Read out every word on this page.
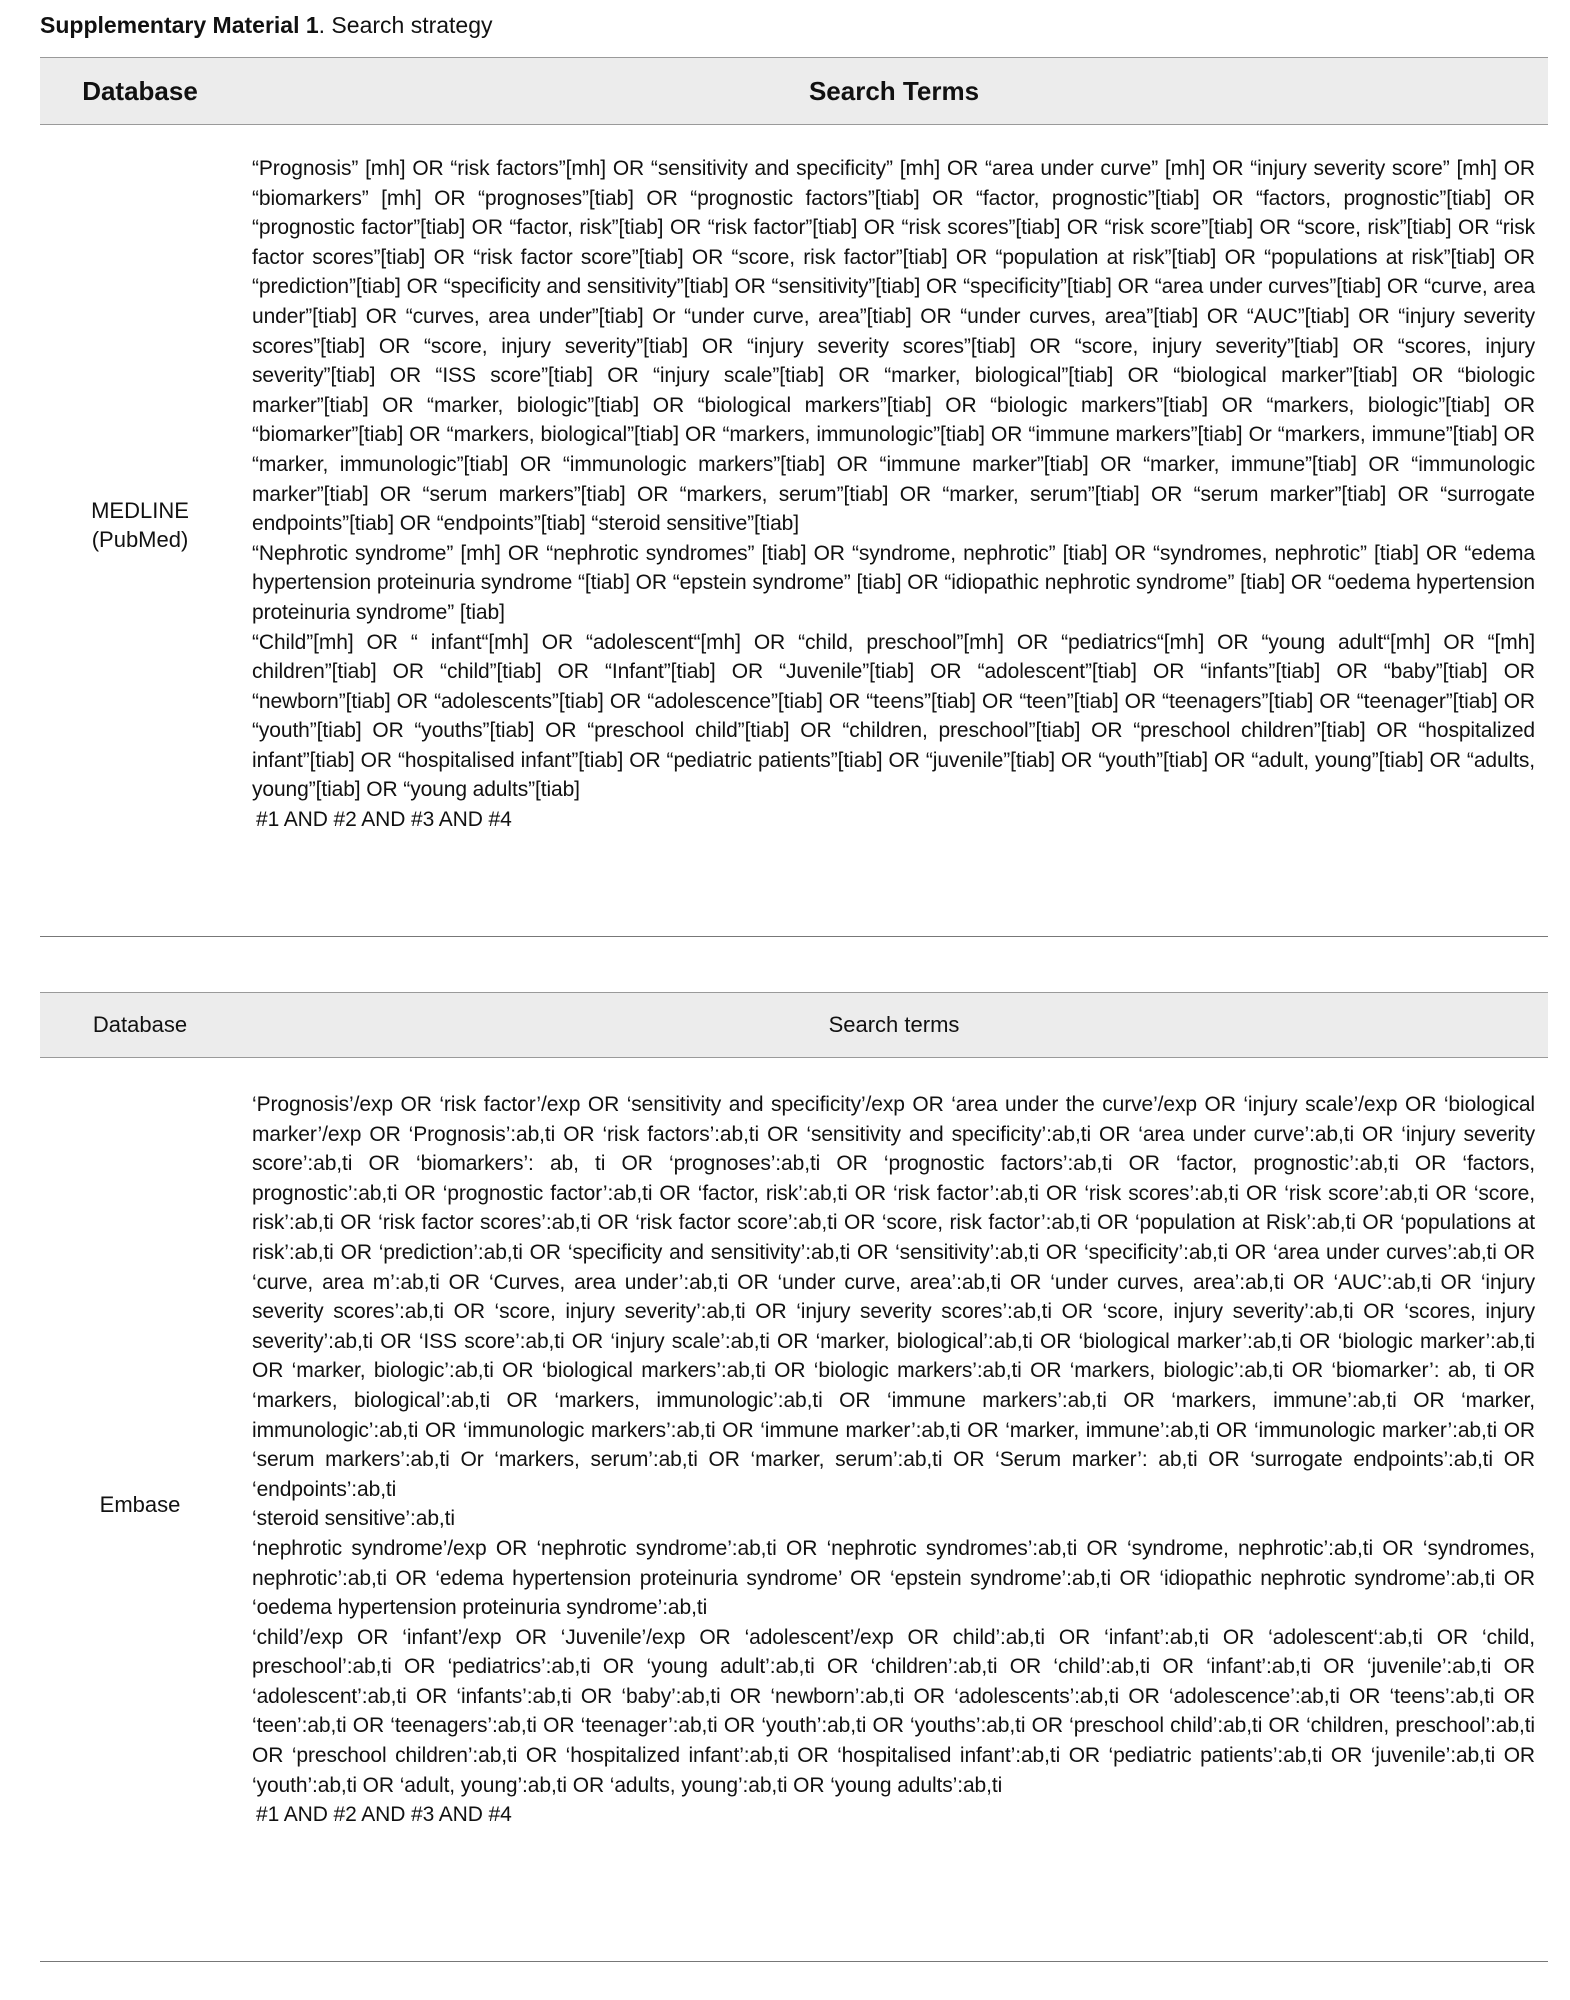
Supplementary Material 1. Search strategy
Database	Search Terms
MEDLINE
(PubMed)

“Prognosis” [mh] OR “risk factors”[mh] OR “sensitivity and specificity” [mh] OR “area under curve” [mh] OR “injury severity score” [mh] OR “biomarkers” [mh] OR “prognoses”[tiab] OR “prognostic factors”[tiab] OR “factor, prognostic”[tiab] OR “factors, prognostic”[tiab] OR “prognostic factor”[tiab] OR “factor, risk”[tiab] OR “risk factor”[tiab] OR “risk scores”[tiab] OR “risk score”[tiab] OR “score, risk”[tiab] OR “risk factor scores”[tiab] OR “risk factor score”[tiab] OR “score, risk factor”[tiab] OR “population at risk”[tiab] OR “populations at risk”[tiab] OR “prediction”[tiab] OR “specificity and sensitivity”[tiab] OR “sensitivity”[tiab] OR “specificity”[tiab] OR “area under curves”[tiab] OR “curve, area under”[tiab] OR “curves, area under”[tiab] Or “under curve, area”[tiab] OR “under curves, area”[tiab] OR “AUC”[tiab] OR “injury severity scores”[tiab] OR “score, injury severity”[tiab] OR “injury severity scores”[tiab] OR “score, injury severity”[tiab] OR “scores, injury severity”[tiab] OR “ISS score”[tiab] OR “injury scale”[tiab] OR “marker, biological”[tiab] OR “biological marker”[tiab] OR “biologic marker”[tiab] OR “marker, biologic”[tiab] OR “biological markers”[tiab] OR “biologic markers”[tiab] OR “markers, biologic”[tiab] OR “biomarker”[tiab] OR “markers, biological”[tiab] OR “markers, immunologic”[tiab] OR “immune markers”[tiab] Or “markers, immune”[tiab] OR “marker, immunologic”[tiab] OR “immunologic markers”[tiab] OR “immune marker”[tiab] OR “marker, immune”[tiab] OR “immunologic marker”[tiab] OR “serum markers”[tiab] OR “markers, serum”[tiab] OR “marker, serum”[tiab] OR “serum marker”[tiab] OR “surrogate endpoints”[tiab] OR “endpoints”[tiab] “steroid sensitive”[tiab]

“Nephrotic syndrome” [mh] OR “nephrotic syndromes” [tiab] OR “syndrome, nephrotic” [tiab] OR “syndromes, nephrotic” [tiab] OR “edema hypertension proteinuria syndrome “[tiab] OR “epstein syndrome” [tiab] OR “idiopathic nephrotic syndrome” [tiab] OR “oedema hypertension proteinuria syndrome” [tiab]

“Child”[mh] OR “ infant“[mh] OR “adolescent“[mh] OR “child, preschool”[mh] OR “pediatrics“[mh] OR “young adult“[mh] OR “[mh] children”[tiab] OR “child”[tiab] OR “Infant”[tiab] OR “Juvenile”[tiab] OR “adolescent”[tiab] OR “infants”[tiab] OR “baby”[tiab] OR “newborn”[tiab] OR “adolescents”[tiab] OR “adolescence”[tiab] OR “teens”[tiab] OR “teen”[tiab] OR “teenagers”[tiab] OR “teenager”[tiab] OR “youth”[tiab] OR “youths”[tiab] OR “preschool child”[tiab] OR “children, preschool”[tiab] OR “preschool children”[tiab] OR “hospitalized infant”[tiab] OR “hospitalised infant”[tiab] OR “pediatric patients”[tiab] OR “juvenile”[tiab] OR “youth”[tiab] OR “adult, young”[tiab] OR “adults, young”[tiab] OR “young adults”[tiab]

#1 AND #2 AND #3 AND #4

Database	Search terms
Embase

‘Prognosis’/exp OR ‘risk factor’/exp OR ‘sensitivity and specificity’/exp OR ‘area under the curve’/exp OR ‘injury scale’/exp OR ‘biological marker’/exp OR ‘Prognosis’:ab,ti OR ‘risk factors’:ab,ti OR ‘sensitivity and specificity’:ab,ti OR ‘area under curve’:ab,ti OR ‘injury severity score’:ab,ti OR ‘biomarkers’: ab, ti OR ‘prognoses’:ab,ti OR ‘prognostic factors’:ab,ti OR ‘factor, prognostic’:ab,ti OR ‘factors, prognostic’:ab,ti OR ‘prognostic factor’:ab,ti OR ‘factor, risk’:ab,ti OR ‘risk factor’:ab,ti OR ‘risk scores’:ab,ti OR ‘risk score’:ab,ti OR ‘score, risk’:ab,ti OR ‘risk factor scores’:ab,ti OR ‘risk factor score’:ab,ti OR ‘score, risk factor’:ab,ti OR ‘population at Risk’:ab,ti OR ‘populations at risk’:ab,ti OR ‘prediction’:ab,ti OR ‘specificity and sensitivity’:ab,ti OR ‘sensitivity’:ab,ti OR ‘specificity’:ab,ti OR ‘area under curves’:ab,ti OR ‘curve, area m’:ab,ti OR ‘Curves, area under’:ab,ti OR ‘under curve, area’:ab,ti OR ‘under curves, area’:ab,ti OR ‘AUC’:ab,ti OR ‘injury severity scores’:ab,ti OR ‘score, injury severity’:ab,ti OR ‘injury severity scores’:ab,ti OR ‘score, injury severity’:ab,ti OR ‘scores, injury severity’:ab,ti OR ‘ISS score’:ab,ti OR ‘injury scale’:ab,ti OR ‘marker, biological’:ab,ti OR ‘biological marker’:ab,ti OR ‘biologic marker’:ab,ti OR ‘marker, biologic’:ab,ti OR ‘biological markers’:ab,ti OR ‘biologic markers’:ab,ti OR ‘markers, biologic’:ab,ti OR ‘biomarker’: ab, ti OR ‘markers, biological’:ab,ti OR ‘markers, immunologic’:ab,ti OR ‘immune markers’:ab,ti OR ‘markers, immune’:ab,ti OR ‘marker, immunologic’:ab,ti OR ‘immunologic markers’:ab,ti OR ‘immune marker’:ab,ti OR ‘marker, immune’:ab,ti OR ‘immunologic marker’:ab,ti OR ‘serum markers’:ab,ti Or ‘markers, serum’:ab,ti OR ‘marker, serum’:ab,ti OR ‘Serum marker’: ab,ti OR ‘surrogate endpoints’:ab,ti OR ‘endpoints’:ab,ti

‘steroid sensitive’:ab,ti

‘nephrotic syndrome’/exp OR ‘nephrotic syndrome’:ab,ti OR ‘nephrotic syndromes’:ab,ti OR ‘syndrome, nephrotic’:ab,ti OR ‘syndromes, nephrotic’:ab,ti OR ‘edema hypertension proteinuria syndrome’ OR ‘epstein syndrome’:ab,ti OR ‘idiopathic nephrotic syndrome’:ab,ti OR ‘oedema hypertension proteinuria syndrome’:ab,ti

‘child’/exp OR ‘infant’/exp OR ‘Juvenile’/exp OR ‘adolescent’/exp OR child’:ab,ti OR ‘infant’:ab,ti OR ‘adolescent‘:ab,ti OR ‘child, preschool’:ab,ti OR ‘pediatrics’:ab,ti OR ‘young adult’:ab,ti OR ‘children’:ab,ti OR ‘child’:ab,ti OR ‘infant’:ab,ti OR ‘juvenile’:ab,ti OR ‘adolescent’:ab,ti OR ‘infants’:ab,ti OR ‘baby’:ab,ti OR ‘newborn’:ab,ti OR ‘adolescents’:ab,ti OR ‘adolescence’:ab,ti OR ‘teens’:ab,ti OR ‘teen’:ab,ti OR ‘teenagers’:ab,ti OR ‘teenager’:ab,ti OR ‘youth’:ab,ti OR ‘youths’:ab,ti OR ‘preschool child’:ab,ti OR ‘children, preschool’:ab,ti OR ‘preschool children’:ab,ti OR ‘hospitalized infant’:ab,ti OR ‘hospitalised infant’:ab,ti OR ‘pediatric patients’:ab,ti OR ‘juvenile’:ab,ti OR ‘youth’:ab,ti OR ‘adult, young’:ab,ti OR ‘adults, young’:ab,ti OR ‘young adults’:ab,ti

#1 AND #2 AND #3 AND #4
